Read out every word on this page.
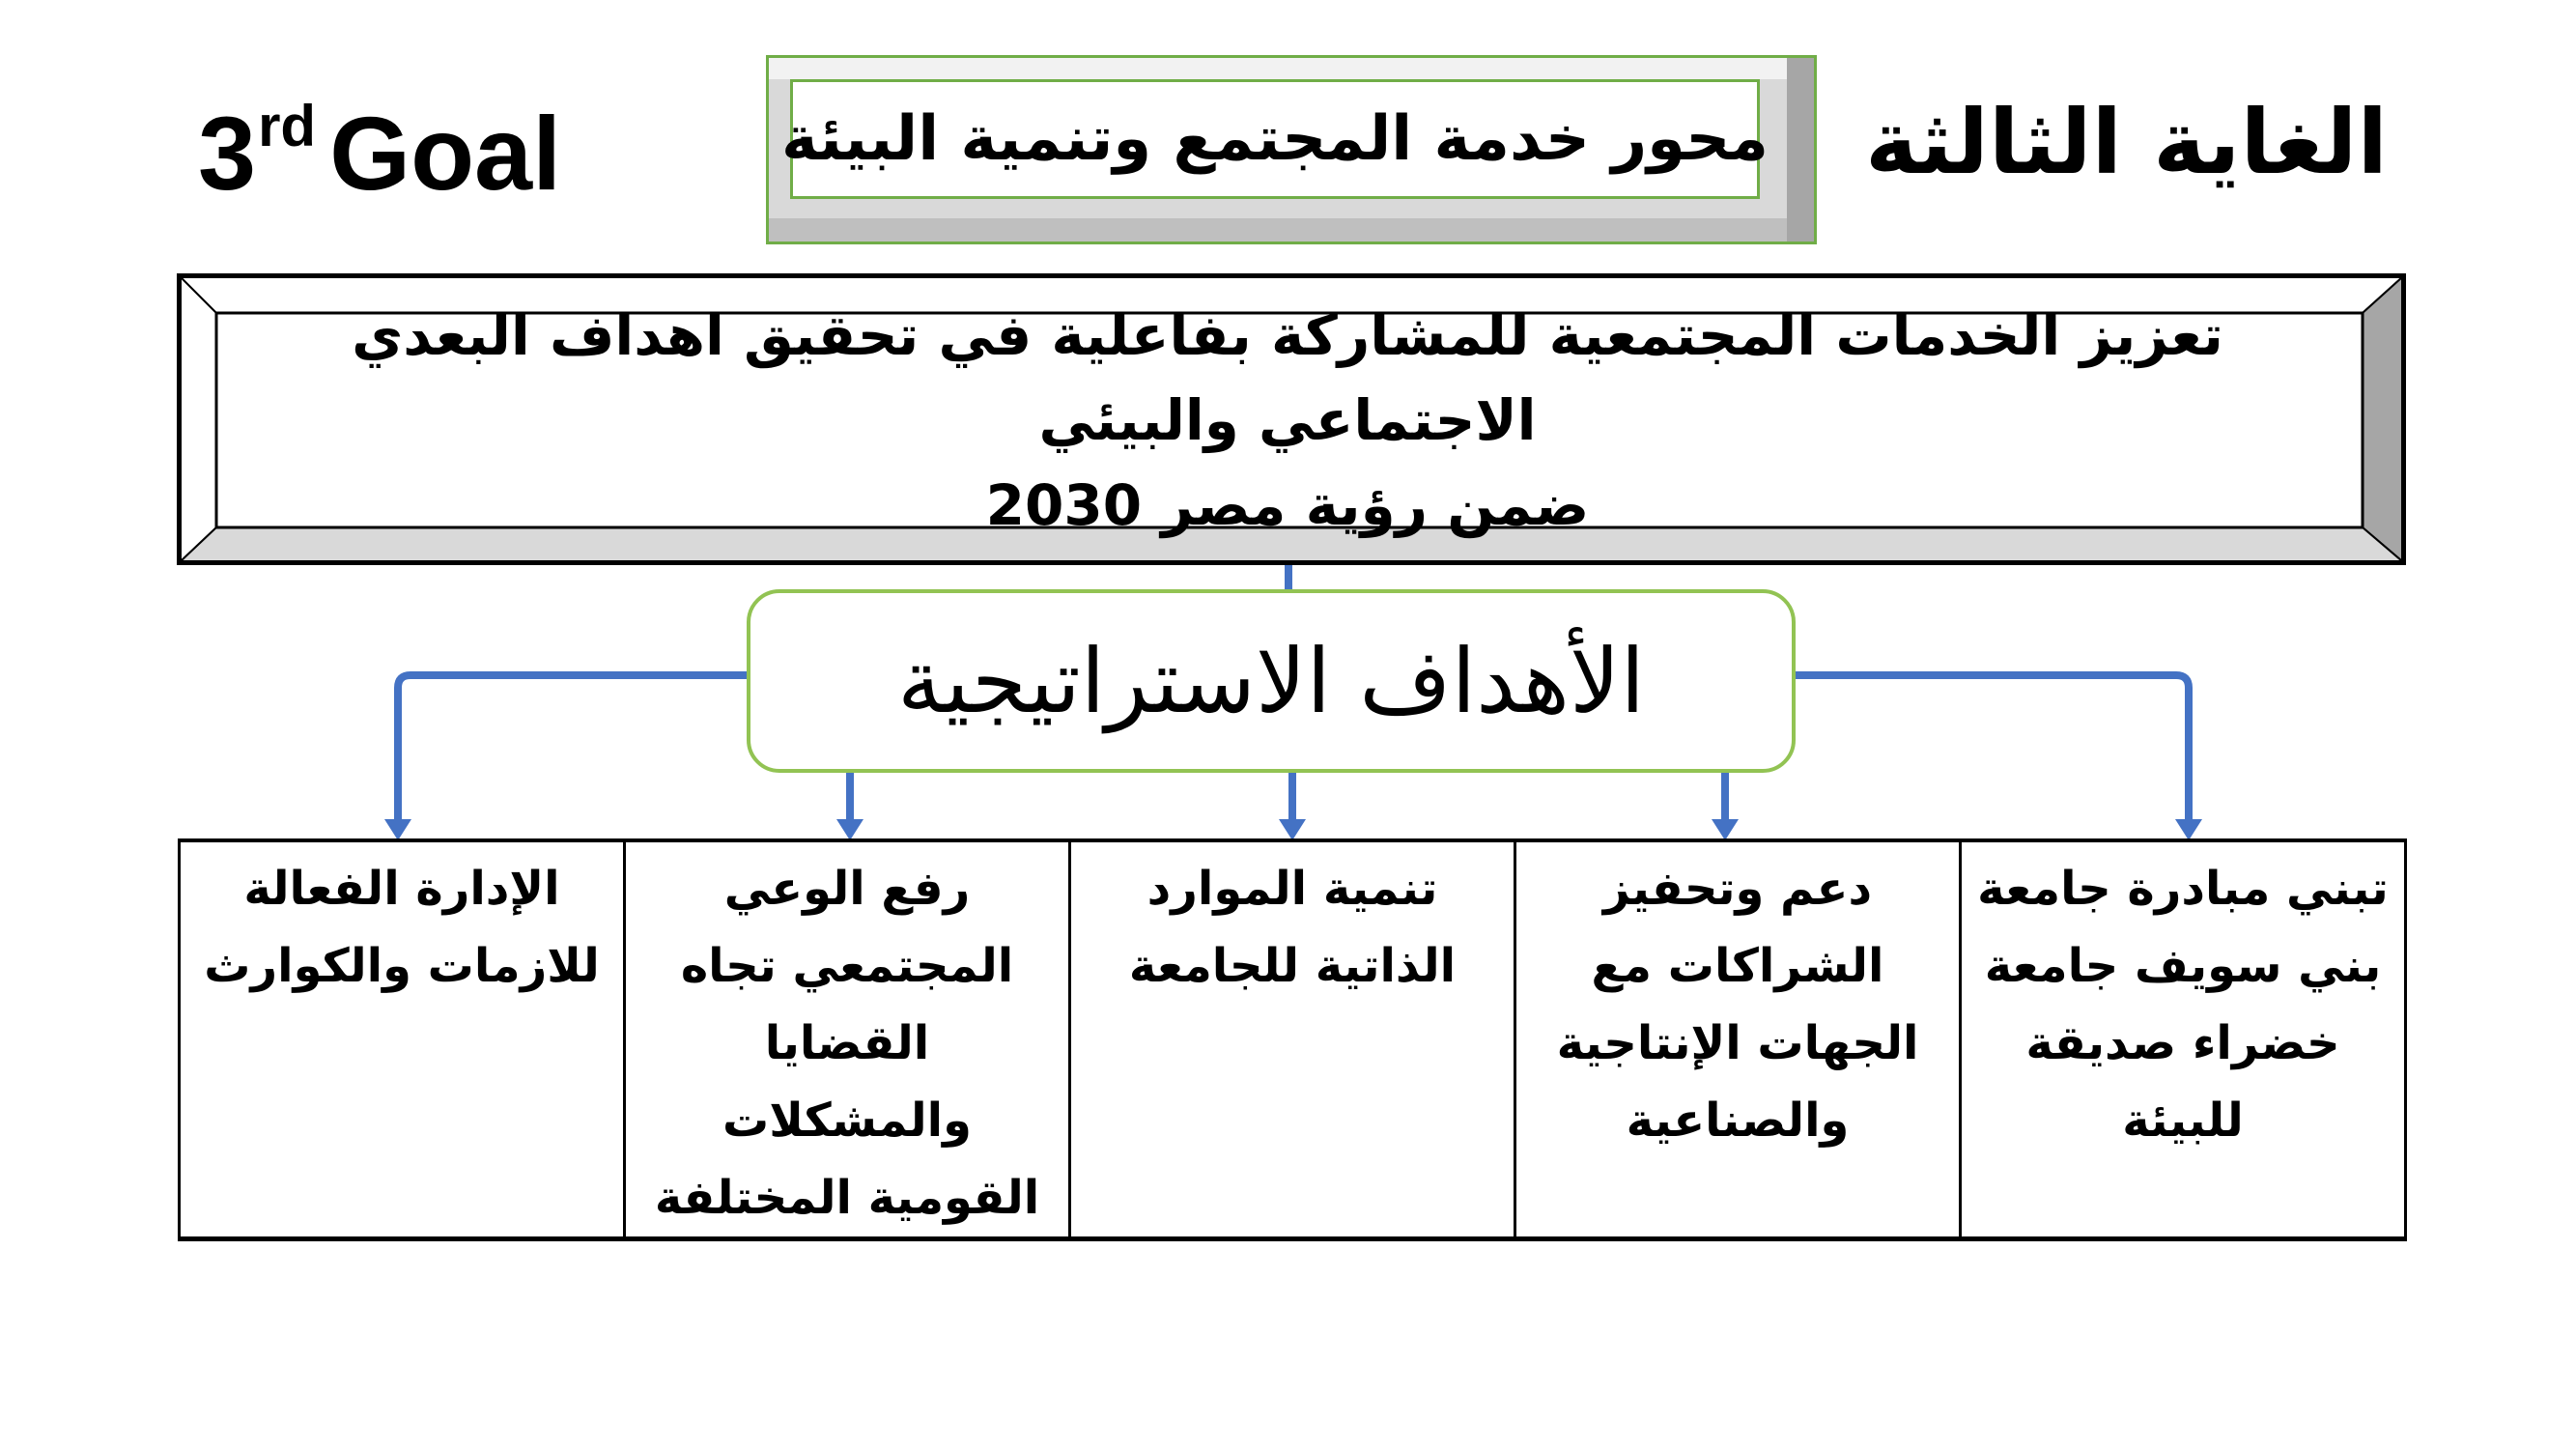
3rd Goal	الغاية الثالثة
محور خدمة المجتمع وتنمية البيئة
تعزيز الخدمات المجتمعية للمشاركة بفاعلية في تحقيق اهداف البعدي الاجتماعي والبيئي
ضمن رؤية مصر 2030
الأهداف الاستراتيجية
تبني مبادرة جامعة
بني سويف جامعة
خضراء صديقة
للبيئة

دعم وتحفيز
الشراكات مع
الجهات الإنتاجية
والصناعية

تنمية الموارد
الذاتية للجامعة

رفع الوعي
المجتمعي تجاه
القضايا والمشكلات
القومية المختلفة

الإدارة الفعالة
للازمات والكوارث
